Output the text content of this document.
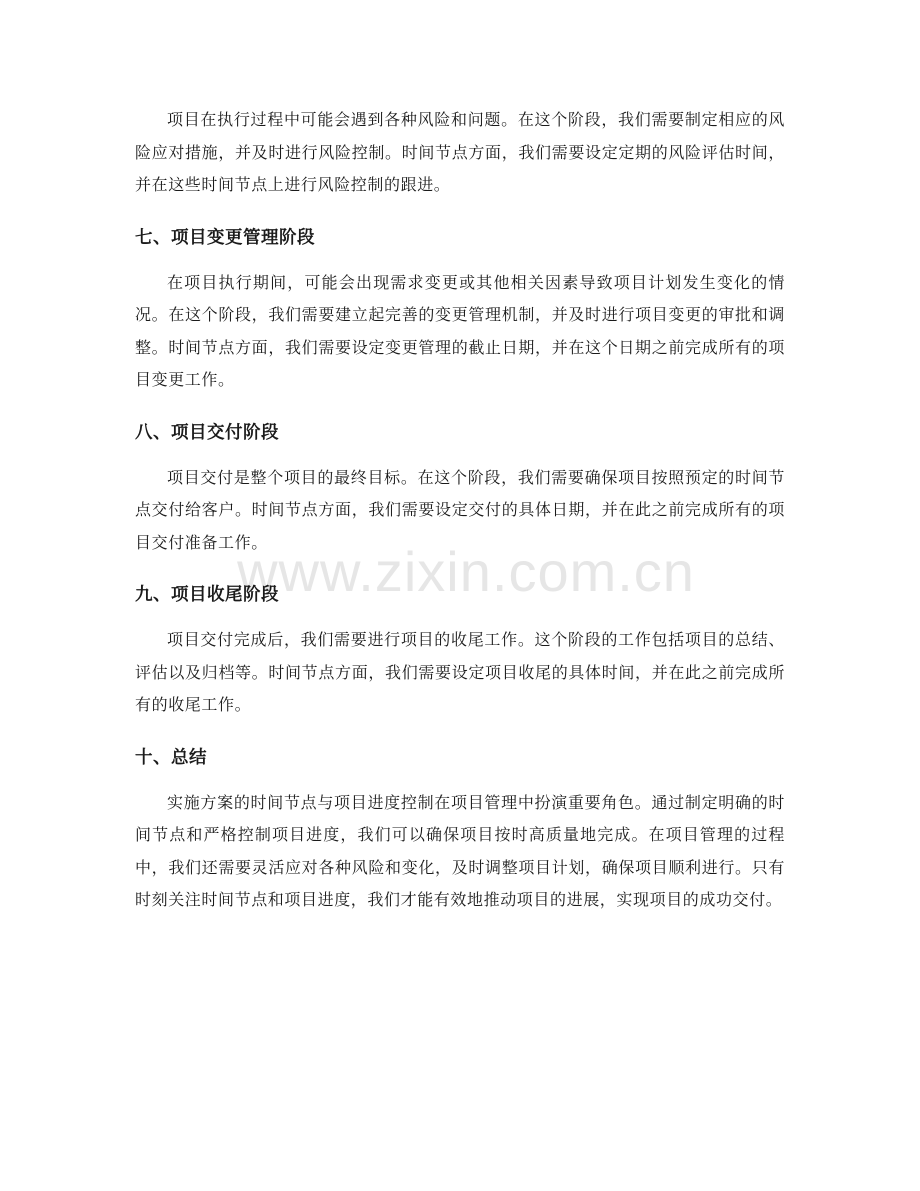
www.zixin.com.cn

项目在执行过程中可能会遇到各种风险和问题。在这个阶段，我们需要制定相应的风险应对措施，并及时进行风险控制。时间节点方面，我们需要设定定期的风险评估时间，并在这些时间节点上进行风险控制的跟进。

七、项目变更管理阶段

在项目执行期间，可能会出现需求变更或其他相关因素导致项目计划发生变化的情况。在这个阶段，我们需要建立起完善的变更管理机制，并及时进行项目变更的审批和调整。时间节点方面，我们需要设定变更管理的截止日期，并在这个日期之前完成所有的项目变更工作。

八、项目交付阶段

项目交付是整个项目的最终目标。在这个阶段，我们需要确保项目按照预定的时间节点交付给客户。时间节点方面，我们需要设定交付的具体日期，并在此之前完成所有的项目交付准备工作。

九、项目收尾阶段

项目交付完成后，我们需要进行项目的收尾工作。这个阶段的工作包括项目的总结、评估以及归档等。时间节点方面，我们需要设定项目收尾的具体时间，并在此之前完成所有的收尾工作。

十、总结

实施方案的时间节点与项目进度控制在项目管理中扮演重要角色。通过制定明确的时间节点和严格控制项目进度，我们可以确保项目按时高质量地完成。在项目管理的过程中，我们还需要灵活应对各种风险和变化，及时调整项目计划，确保项目顺利进行。只有时刻关注时间节点和项目进度，我们才能有效地推动项目的进展，实现项目的成功交付。
